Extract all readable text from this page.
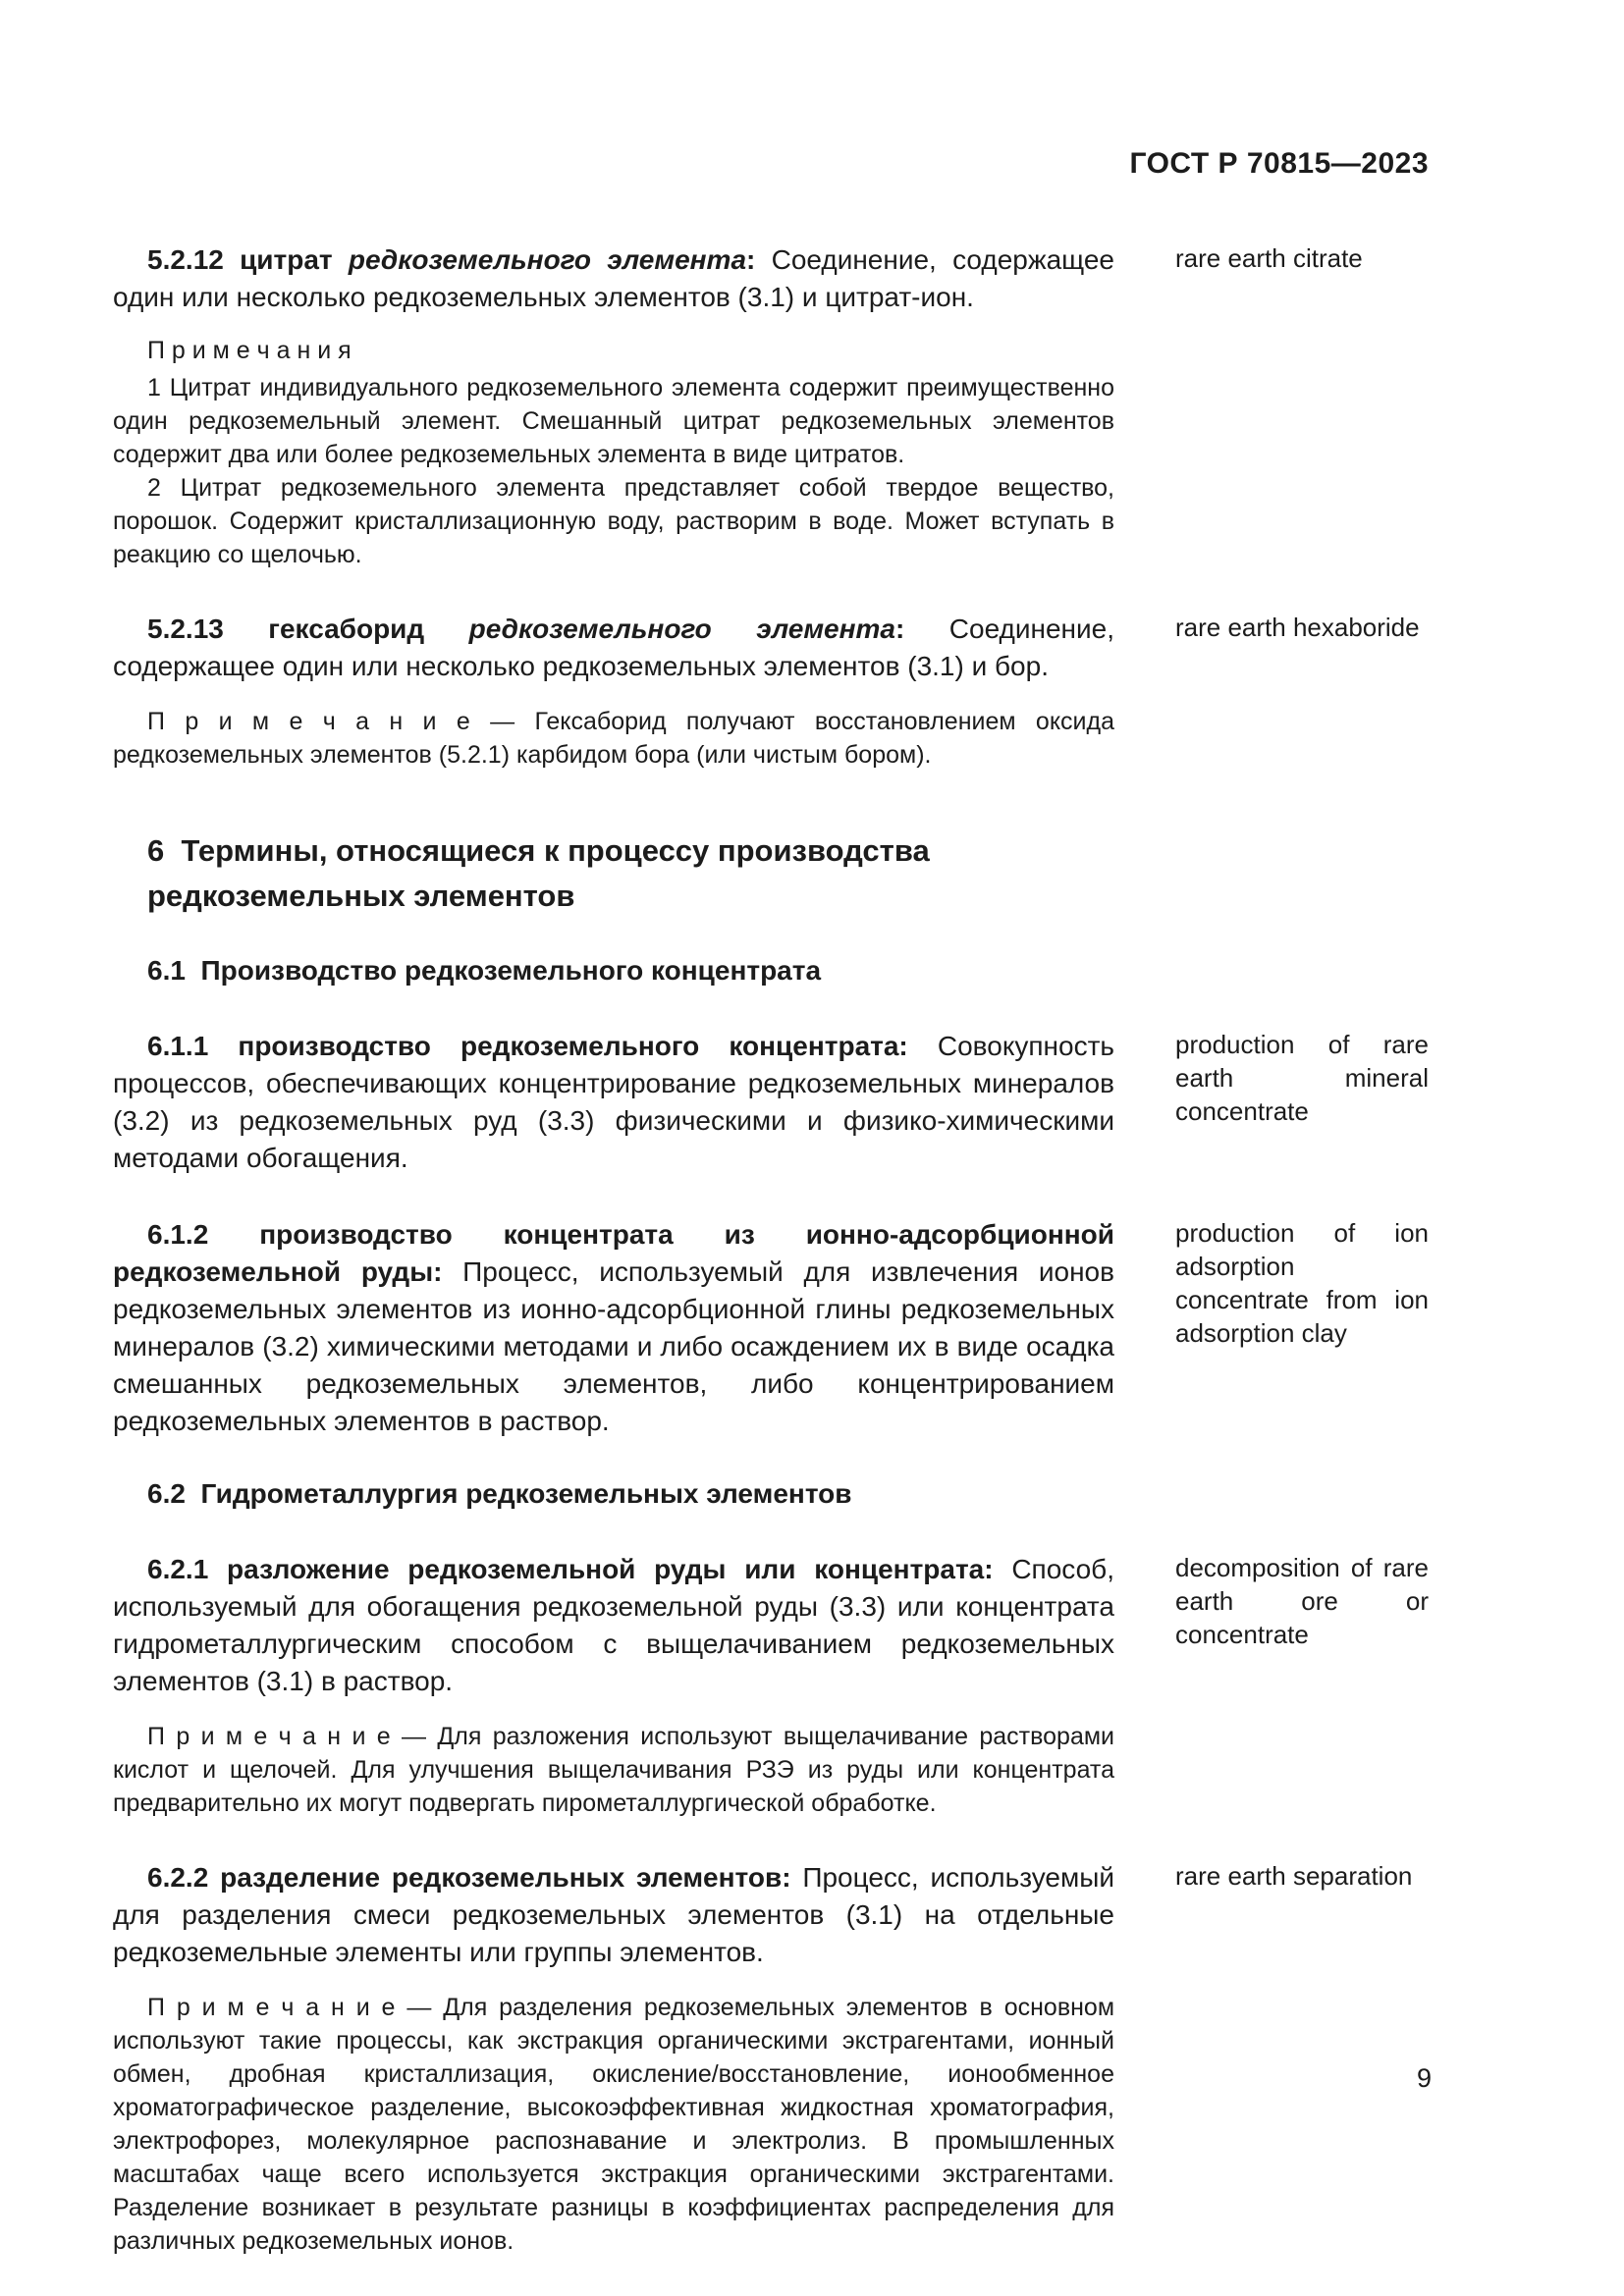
ГОСТ Р 70815—2023

5.2.12 цитрат редкоземельного элемента: Соединение, содержащее один или несколько редкоземельных элементов (3.1) и цитрат-ион.

П р и м е ч а н и я

1 Цитрат индивидуального редкоземельного элемента содержит преимущественно один редкоземельный элемент. Смешанный цитрат редкоземельных элементов содержит два или более редкоземельных элемента в виде цитратов.

2 Цитрат редкоземельного элемента представляет собой твердое вещество, порошок. Содержит кристаллизационную воду, растворим в воде. Может вступать в реакцию со щелочью.

rare earth citrate

5.2.13 гексаборид редкоземельного элемента: Соединение, содержащее один или несколько редкоземельных элементов (3.1) и бор.

П р и м е ч а н и е — Гексаборид получают восстановлением оксида редкоземельных элементов (5.2.1) карбидом бора (или чистым бором).

rare earth hexaboride
6  Термины, относящиеся к процессу производства редкоземельных элементов
6.1  Производство редкоземельного концентрата

6.1.1 производство редкоземельного концентрата: Совокупность процессов, обеспечивающих концентрирование редкоземельных минералов (3.2) из редкоземельных руд (3.3) физическими и физико-химическими методами обогащения.

production of rare earth mineral concentrate

6.1.2 производство концентрата из ионно-адсорбционной редкоземельной руды: Процесс, используемый для извлечения ионов редкоземельных элементов из ионно-адсорбционной глины редкоземельных минералов (3.2) химическими методами и либо осаждением их в виде осадка смешанных редкоземельных элементов, либо концентрированием редкоземельных элементов в раствор.

production of ion adsorption concentrate from ion adsorption clay
6.2  Гидрометаллургия редкоземельных элементов

6.2.1 разложение редкоземельной руды или концентрата: Способ, используемый для обогащения редкоземельной руды (3.3) или концентрата гидрометаллургическим способом с выщелачиванием редкоземельных элементов (3.1) в раствор.

П р и м е ч а н и е — Для разложения используют выщелачивание растворами кислот и щелочей. Для улучшения выщелачивания РЗЭ из руды или концентрата предварительно их могут подвергать пирометаллургической обработке.

decomposition of rare earth ore or concentrate

6.2.2 разделение редкоземельных элементов: Процесс, используемый для разделения смеси редкоземельных элементов (3.1) на отдельные редкоземельные элементы или группы элементов.

П р и м е ч а н и е — Для разделения редкоземельных элементов в основном используют такие процессы, как экстракция органическими экстрагентами, ионный обмен, дробная кристаллизация, окисление/восстановление, ионообменное хроматографическое разделение, высокоэффективная жидкостная хроматография, электрофорез, молекулярное распознавание и электролиз. В промышленных масштабах чаще всего используется экстракция органическими экстрагентами. Разделение возникает в результате разницы в коэффициентах распределения для различных редкоземельных ионов.

rare earth separation
9
